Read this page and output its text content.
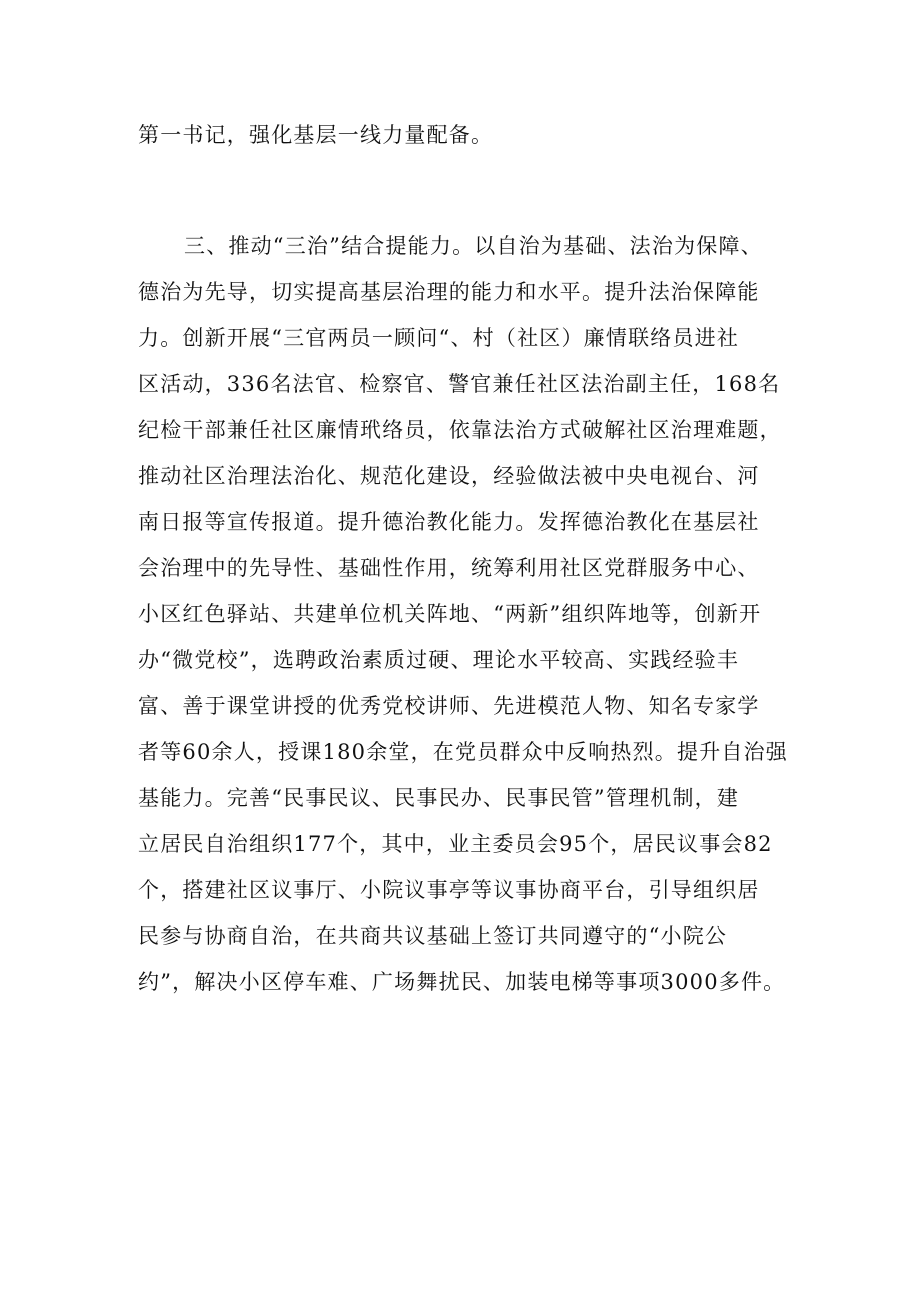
第一书记，强化基层一线力量配备。
三、推动“三治”结合提能力。以自治为基础、法治为保障、
德治为先导，切实提高基层治理的能力和水平。提升法治保障能
力。创新开展“三官两员一顾问“、村（社区）廉情联络员进社
区活动，336名法官、检察官、警官兼任社区法治副主任，168名
纪检干部兼任社区廉情玳络员，依靠法治方式破解社区治理难题，
推动社区治理法治化、规范化建设，经验做法被中央电视台、河
南日报等宣传报道。提升德治教化能力。发挥德治教化在基层社
会治理中的先导性、基础性作用，统筹利用社区党群服务中心、
小区红色驿站、共建单位机关阵地、“两新”组织阵地等，创新开
办“微党校”，选聘政治素质过硬、理论水平较高、实践经验丰
富、善于课堂讲授的优秀党校讲师、先进模范人物、知名专家学
者等60余人，授课180余堂，在党员群众中反响热烈。提升自治强
基能力。完善“民事民议、民事民办、民事民管”管理机制，建
立居民自治组织177个，其中，业主委员会95个，居民议事会82
个，搭建社区议事厅、小院议事亭等议事协商平台，引导组织居
民参与协商自治，在共商共议基础上签订共同遵守的“小院公
约”，解决小区停车难、广场舞扰民、加装电梯等事项3000多件。
